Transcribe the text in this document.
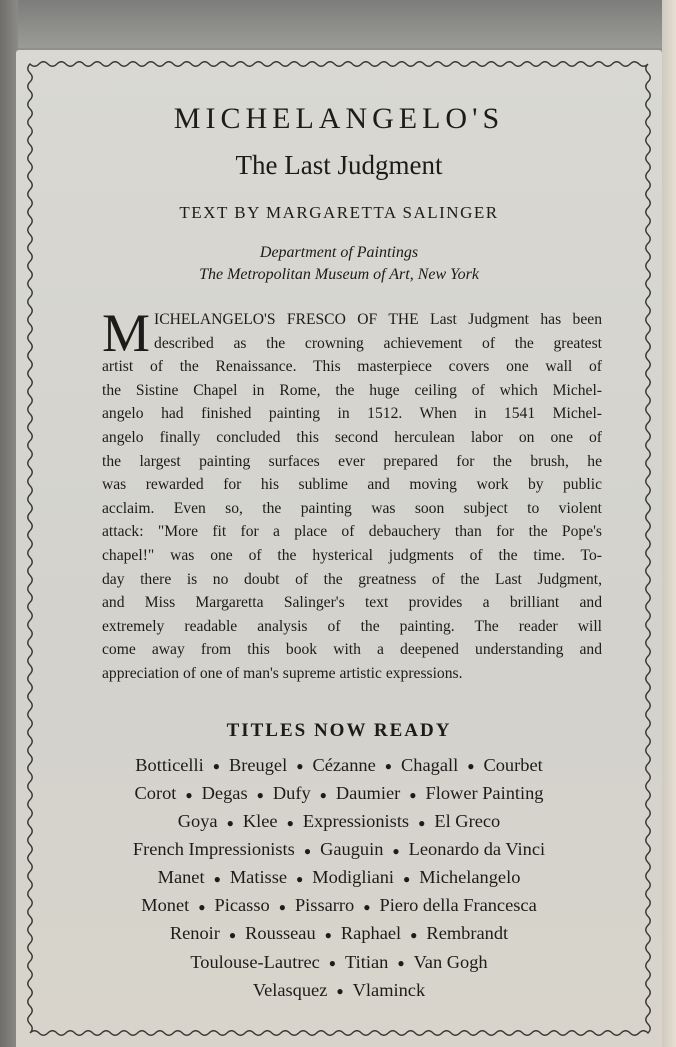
MICHELANGELO'S
The Last Judgment
TEXT BY MARGARETTA SALINGER
Department of Paintings
The Metropolitan Museum of Art, New York
M ICHELANGELO'S FRESCO OF THE Last Judgment has been
described as the crowning achievement of the greatest
artist of the Renaissance. This masterpiece covers one wall of
the Sistine Chapel in Rome, the huge ceiling of which Michel-
angelo had finished painting in 1512. When in 1541 Michel-
angelo finally concluded this second herculean labor on one of
the largest painting surfaces ever prepared for the brush, he
was rewarded for his sublime and moving work by public
acclaim. Even so, the painting was soon subject to violent
attack: "More fit for a place of debauchery than for the Pope's
chapel!" was one of the hysterical judgments of the time. To-
day there is no doubt of the greatness of the Last Judgment,
and Miss Margaretta Salinger's text provides a brilliant and
extremely readable analysis of the painting. The reader will
come away from this book with a deepened understanding and
appreciation of one of man's supreme artistic expressions.
TITLES NOW READY
Botticelli ● Breugel ● Cézanne ● Chagall ● Courbet
Corot ● Degas ● Dufy ● Daumier ● Flower Painting
Goya ● Klee ● Expressionists ● El Greco
French Impressionists ● Gauguin ● Leonardo da Vinci
Manet ● Matisse ● Modigliani ● Michelangelo
Monet ● Picasso ● Pissarro ● Piero della Francesca
Renoir ● Rousseau ● Raphael ● Rembrandt
Toulouse-Lautrec ● Titian ● Van Gogh
Velasquez ● Vlaminck
